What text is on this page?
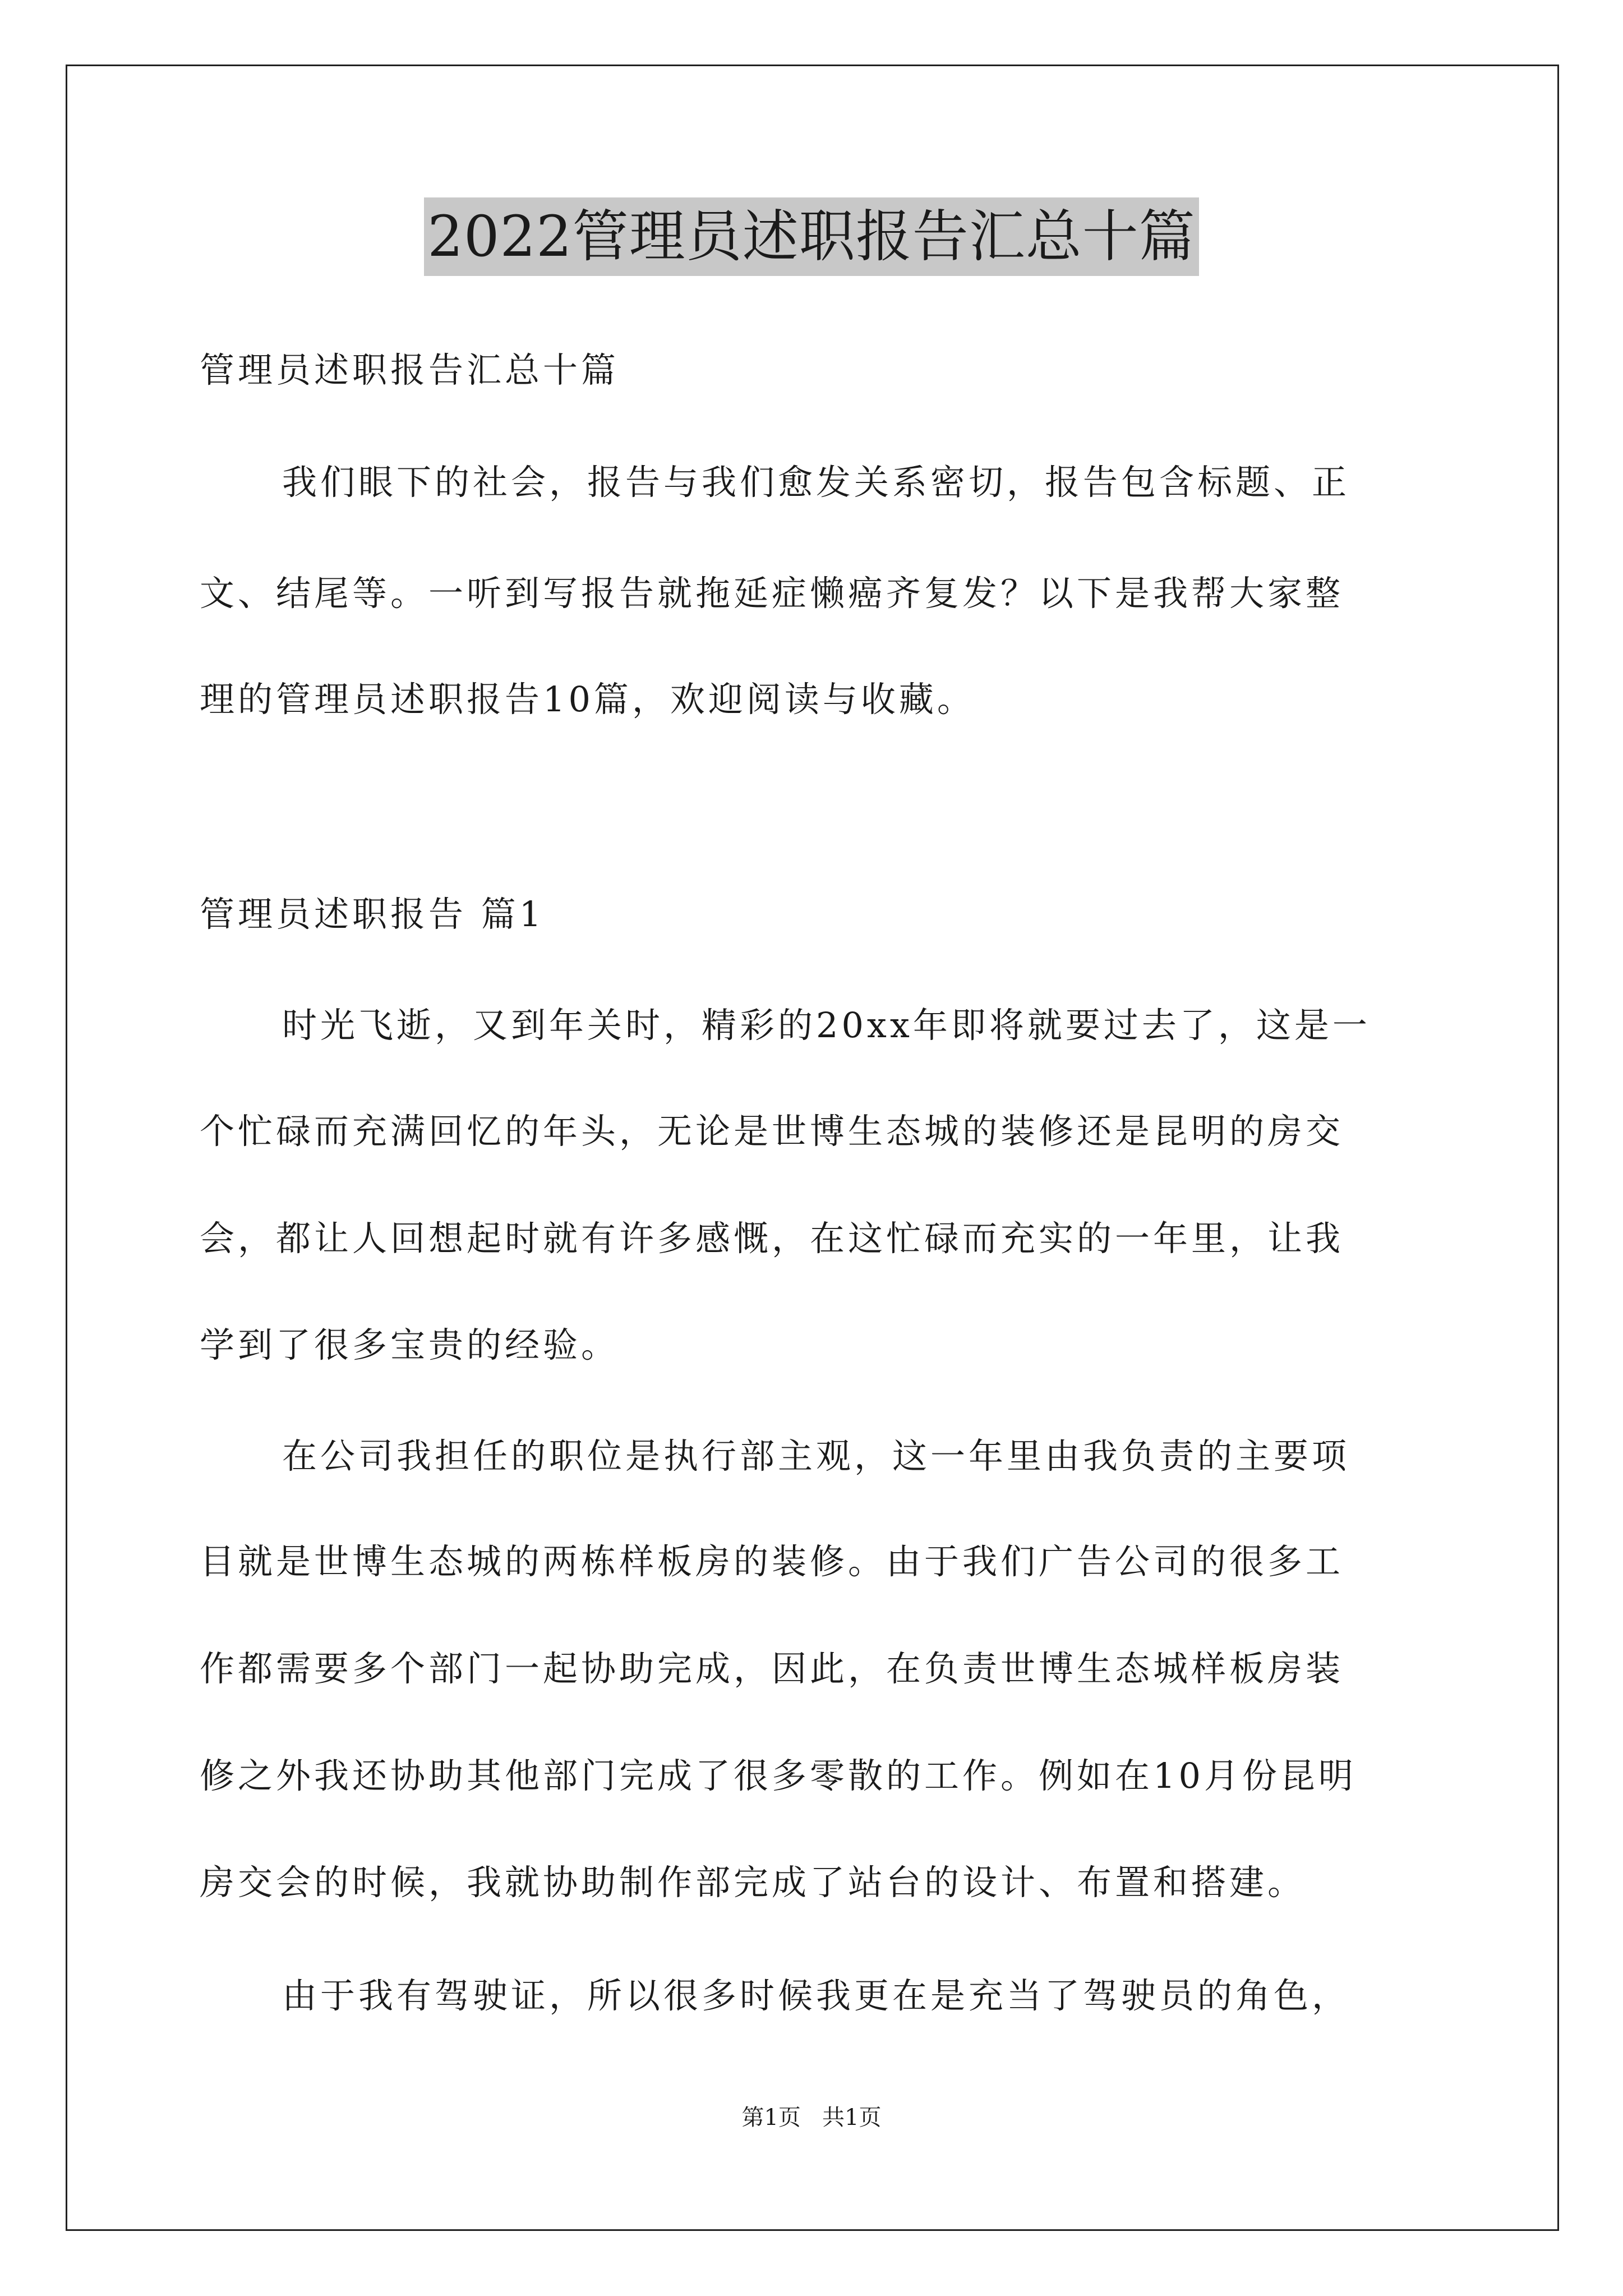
2022管理员述职报告汇总十篇
管理员述职报告汇总十篇
我们眼下的社会，报告与我们愈发关系密切，报告包含标题、正
文、结尾等。一听到写报告就拖延症懒癌齐复发？以下是我帮大家整
理的管理员述职报告10篇，欢迎阅读与收藏。
管理员述职报告 篇1
时光飞逝，又到年关时，精彩的20xx年即将就要过去了，这是一
个忙碌而充满回忆的年头，无论是世博生态城的装修还是昆明的房交
会，都让人回想起时就有许多感慨，在这忙碌而充实的一年里，让我
学到了很多宝贵的经验。
在公司我担任的职位是执行部主观，这一年里由我负责的主要项
目就是世博生态城的两栋样板房的装修。由于我们广告公司的很多工
作都需要多个部门一起协助完成，因此，在负责世博生态城样板房装
修之外我还协助其他部门完成了很多零散的工作。例如在10月份昆明
房交会的时候，我就协助制作部完成了站台的设计、布置和搭建。
由于我有驾驶证，所以很多时候我更在是充当了驾驶员的角色，
第1页   共1页
